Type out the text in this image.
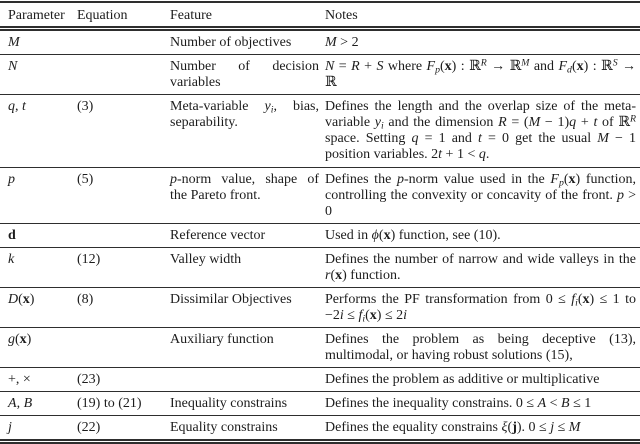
Parameter	Equation	Feature	Notes
M		Number of objectives	M > 2
N		Number of decision variables	N = R + S where $F_p(x)$ : ℝ$^R$ → ℝ$^M$ and $F_d(x)$ : ℝ$^S$ → ℝ
q, t	(3)	Meta-variable $y_i$, bias, separability.	Defines the length and the overlap size of the meta-variable $y_i$ and the dimension R = (M − 1)q + t of ℝ$^R$ space. Setting q = 1 and t = 0 get the usual M − 1 position variables. 2t + 1 < q.
p	(5)	p-norm value, shape of the Pareto front.	Defines the p-norm value used in the $F_p(x)$ function, controlling the convexity or concavity of the front. p > 0
d		Reference vector	Used in ϕ(x) function, see (10).
k	(12)	Valley width	Defines the number of narrow and wide valleys in the r(x) function.
D(x)	(8)	Dissimilar Objectives	Performs the PF transformation from $0 \le f_i(x) \le 1$ to $-2i \le f_i(x) \le 2i$
g(x)		Auxiliary function	Defines the problem as being deceptive (13), multimodal, or having robust solutions (15),
+, ×	(23)		Defines the problem as additive or multiplicative
A, B	(19) to (21)	Inequality constrains	Defines the inequality constrains. 0 ≤ A < B ≤ 1
j	(22)	Equality constrains	Defines the equality constrains ξ(j). 0 ≤ j ≤ M
